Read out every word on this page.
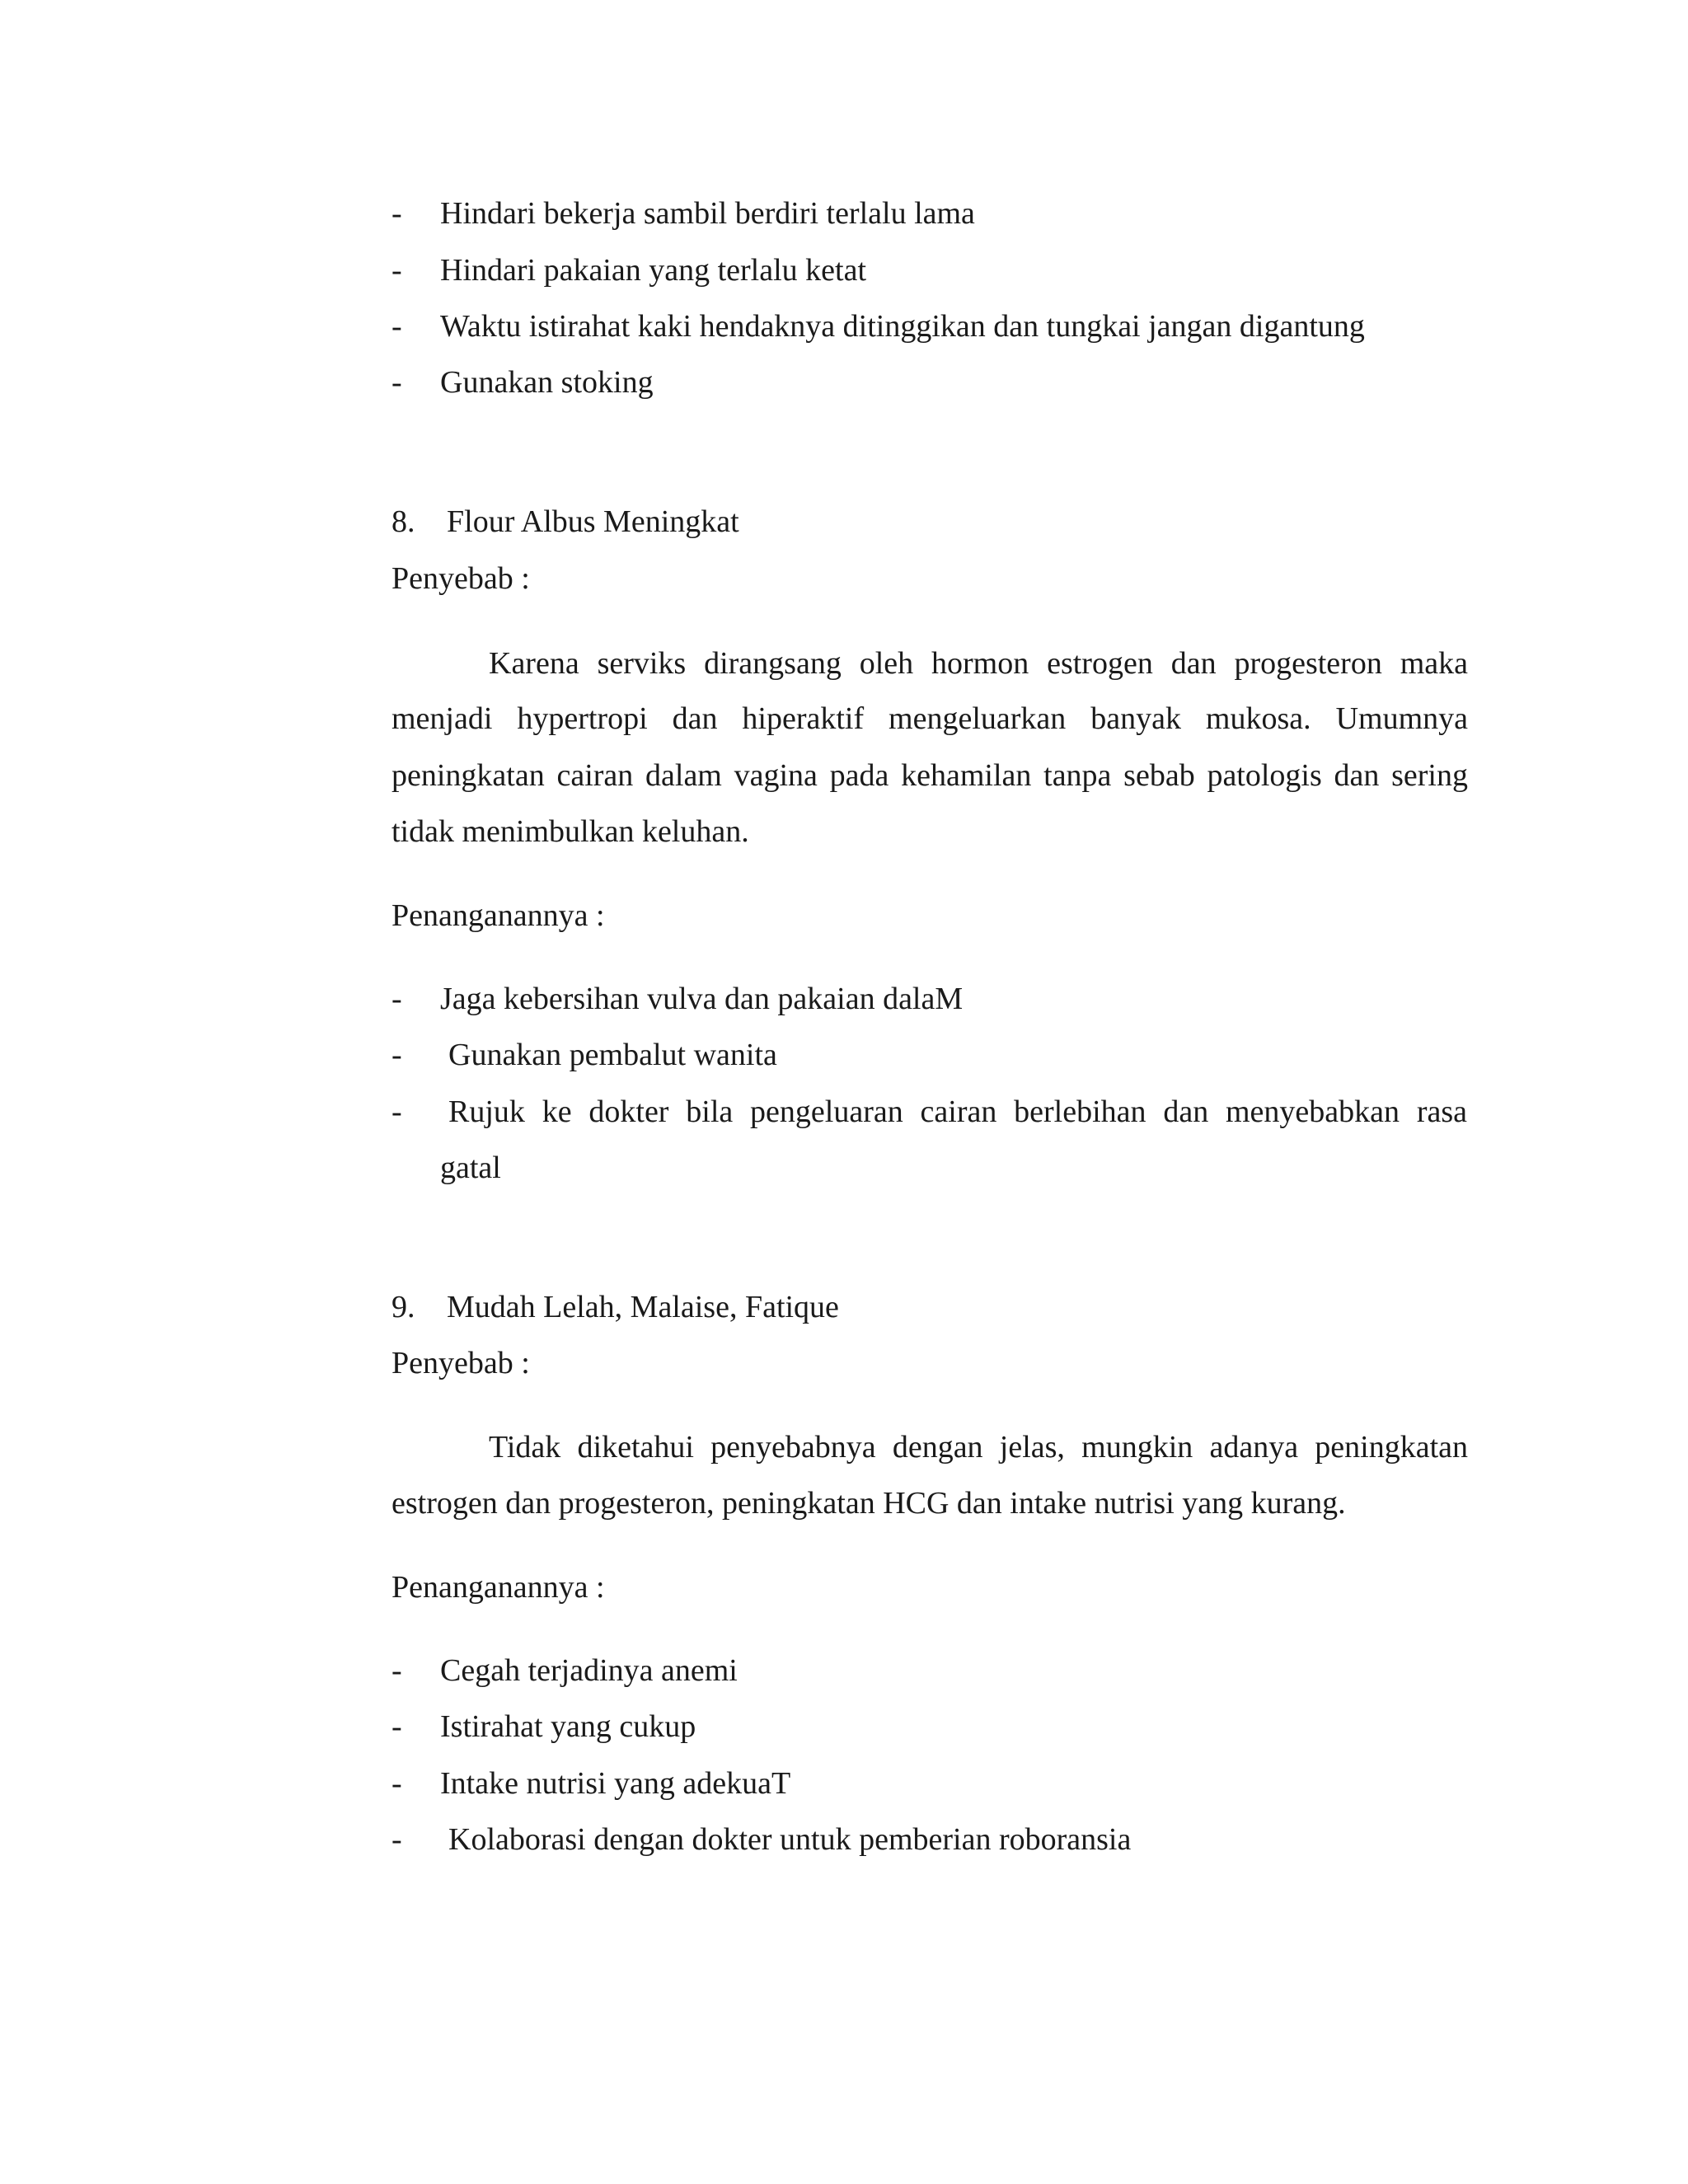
- Hindari bekerja sambil berdiri terlalu lama
- Hindari pakaian yang terlalu ketat
- Waktu istirahat kaki hendaknya ditinggikan dan tungkai jangan digantung
- Gunakan stoking
8. Flour Albus Meningkat
Penyebab :
Karena serviks dirangsang oleh hormon estrogen dan progesteron maka
menjadi hypertropi dan hiperaktif mengeluarkan banyak mukosa. Umumnya
peningkatan cairan dalam vagina pada kehamilan tanpa sebab patologis dan sering
tidak menimbulkan keluhan.
Penanganannya :
- Jaga kebersihan vulva dan pakaian dalaM
- Gunakan pembalut wanita
- Rujuk ke dokter bila pengeluaran cairan berlebihan dan menyebabkan rasa
gatal
9. Mudah Lelah, Malaise, Fatique
Penyebab :
Tidak diketahui penyebabnya dengan jelas, mungkin adanya peningkatan
estrogen dan progesteron, peningkatan HCG dan intake nutrisi yang kurang.
Penanganannya :
- Cegah terjadinya anemi
- Istirahat yang cukup
- Intake nutrisi yang adekuaT
- Kolaborasi dengan dokter untuk pemberian roboransia
